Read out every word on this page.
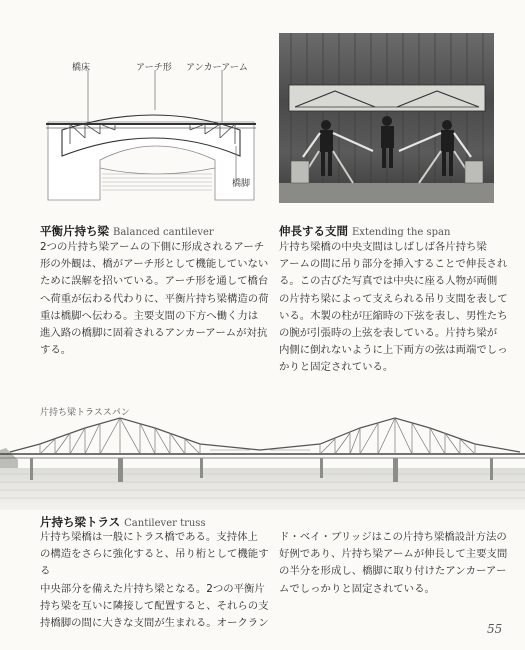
橋床	アーチ形 アンカーアーム
橋脚
平衡片持ち梁 Balanced cantilever
2つの片持ち梁アームの下側に形成されるアーチ
形の外観は、橋がアーチ形として機能していない
ために誤解を招いている。アーチ形を通して橋台
へ荷重が伝わる代わりに、平衡片持ち梁構造の荷
重は橋脚へ伝わる。主要支間の下方へ働く力は
進入路の橋脚に固着されるアンカーアームが対抗
する。
伸長する支間 Extending the span
片持ち梁橋の中央支間はしばしば各片持ち梁
アームの間に吊り部分を挿入することで伸長され
る。この古びた写真では中央に座る人物が両側
の片持ち梁によって支えられる吊り支間を表して
いる。木製の柱が圧縮時の下弦を表し、男性たち
の腕が引張時の上弦を表している。片持ち梁が
内側に倒れないように上下両方の弦は両端でしっ
かりと固定されている。
片持ち梁トラススパン
片持ち梁トラス Cantilever truss
片持ち梁橋は一般にトラス橋である。支持体上
の構造をさらに強化すると、吊り桁として機能する
中央部分を備えた片持ち梁となる。2つの平衡片
持ち梁を互いに隣接して配置すると、それらの支
持橋脚の間に大きな支間が生まれる。オークラン
ド・ベイ・ブリッジはこの片持ち梁橋設計方法の
好例であり、片持ち梁アームが伸長して主要支間
の半分を形成し、橋脚に取り付けたアンカーアー
ムでしっかりと固定されている。
55
